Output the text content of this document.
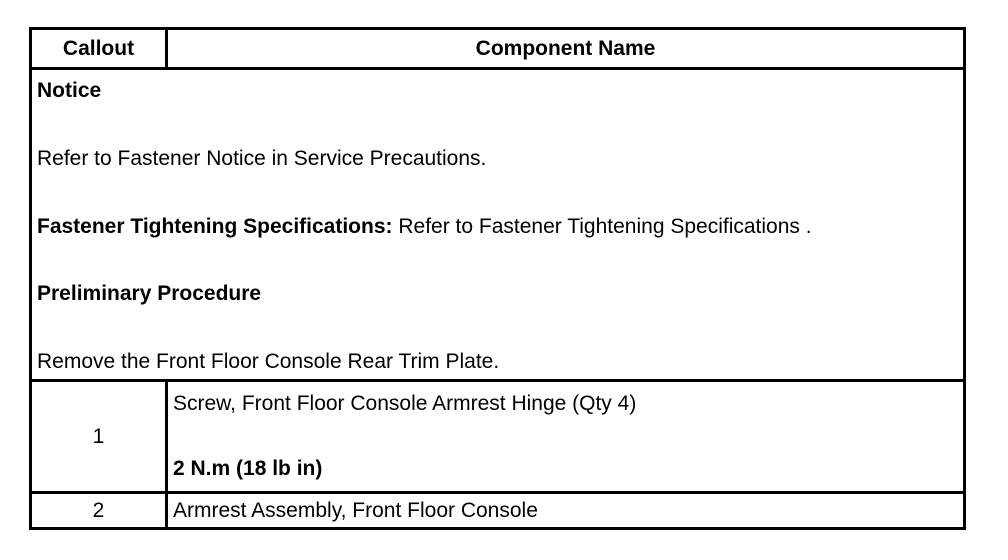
Callout	Component Name
Notice
Refer to Fastener Notice in Service Precautions.
Fastener Tightening Specifications: Refer to Fastener Tightening Specifications .
Preliminary Procedure
Remove the Front Floor Console Rear Trim Plate.
1
Screw, Front Floor Console Armrest Hinge (Qty 4)
2 N.m (18 lb in)
2	Armrest Assembly, Front Floor Console
